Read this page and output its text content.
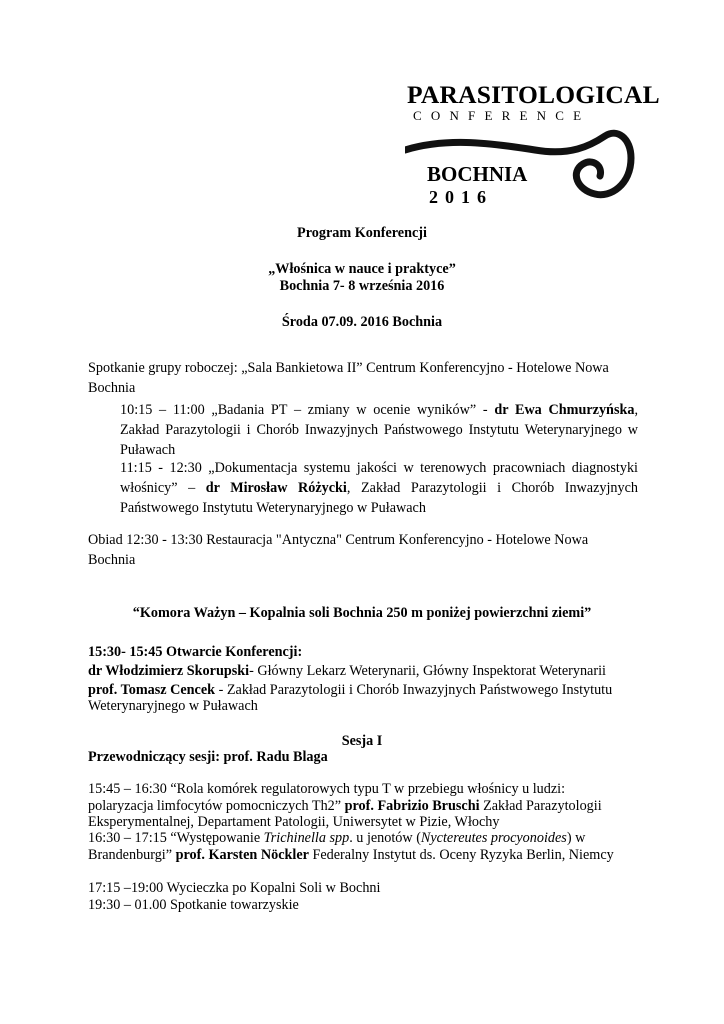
PARASITOLOGICAL
CONFERENCE
BOCHNIA
2016
Program Konferencji
„Włośnica w nauce i praktyce”
Bochnia 7- 8 września 2016
Środa 07.09. 2016 Bochnia
Spotkanie grupy roboczej: „Sala Bankietowa II” Centrum Konferencyjno - Hotelowe Nowa
Bochnia
10:15 – 11:00 „Badania PT – zmiany w ocenie wyników” - dr Ewa Chmurzyńska, Zakład Parazytologii i Chorób Inwazyjnych Państwowego Instytutu Weterynaryjnego w Puławach
11:15 - 12:30 „Dokumentacja systemu jakości w terenowych pracowniach diagnostyki włośnicy” – dr Mirosław Różycki, Zakład Parazytologii i Chorób Inwazyjnych Państwowego Instytutu Weterynaryjnego w Puławach
Obiad 12:30 - 13:30 Restauracja "Antyczna" Centrum Konferencyjno - Hotelowe Nowa
Bochnia
“Komora Ważyn – Kopalnia soli Bochnia 250 m poniżej powierzchni ziemi”
15:30- 15:45 Otwarcie Konferencji:
dr Włodzimierz Skorupski- Główny Lekarz Weterynarii, Główny Inspektorat Weterynarii
prof. Tomasz Cencek - Zakład Parazytologii i Chorób Inwazyjnych Państwowego Instytutu
Weterynaryjnego w Puławach
Sesja I
Przewodniczący sesji: prof. Radu Blaga
15:45 – 16:30 “Rola komórek regulatorowych typu T w przebiegu włośnicy u ludzi:
polaryzacja limfocytów pomocniczych Th2” prof. Fabrizio Bruschi Zakład Parazytologii
Eksperymentalnej, Departament Patologii, Uniwersytet w Pizie, Włochy
16:30 – 17:15 “Występowanie Trichinella spp. u jenotów (Nyctereutes procyonoides) w
Brandenburgi” prof. Karsten Nöckler Federalny Instytut ds. Oceny Ryzyka Berlin, Niemcy
17:15 –19:00 Wycieczka po Kopalni Soli w Bochni
19:30 – 01.00 Spotkanie towarzyskie
